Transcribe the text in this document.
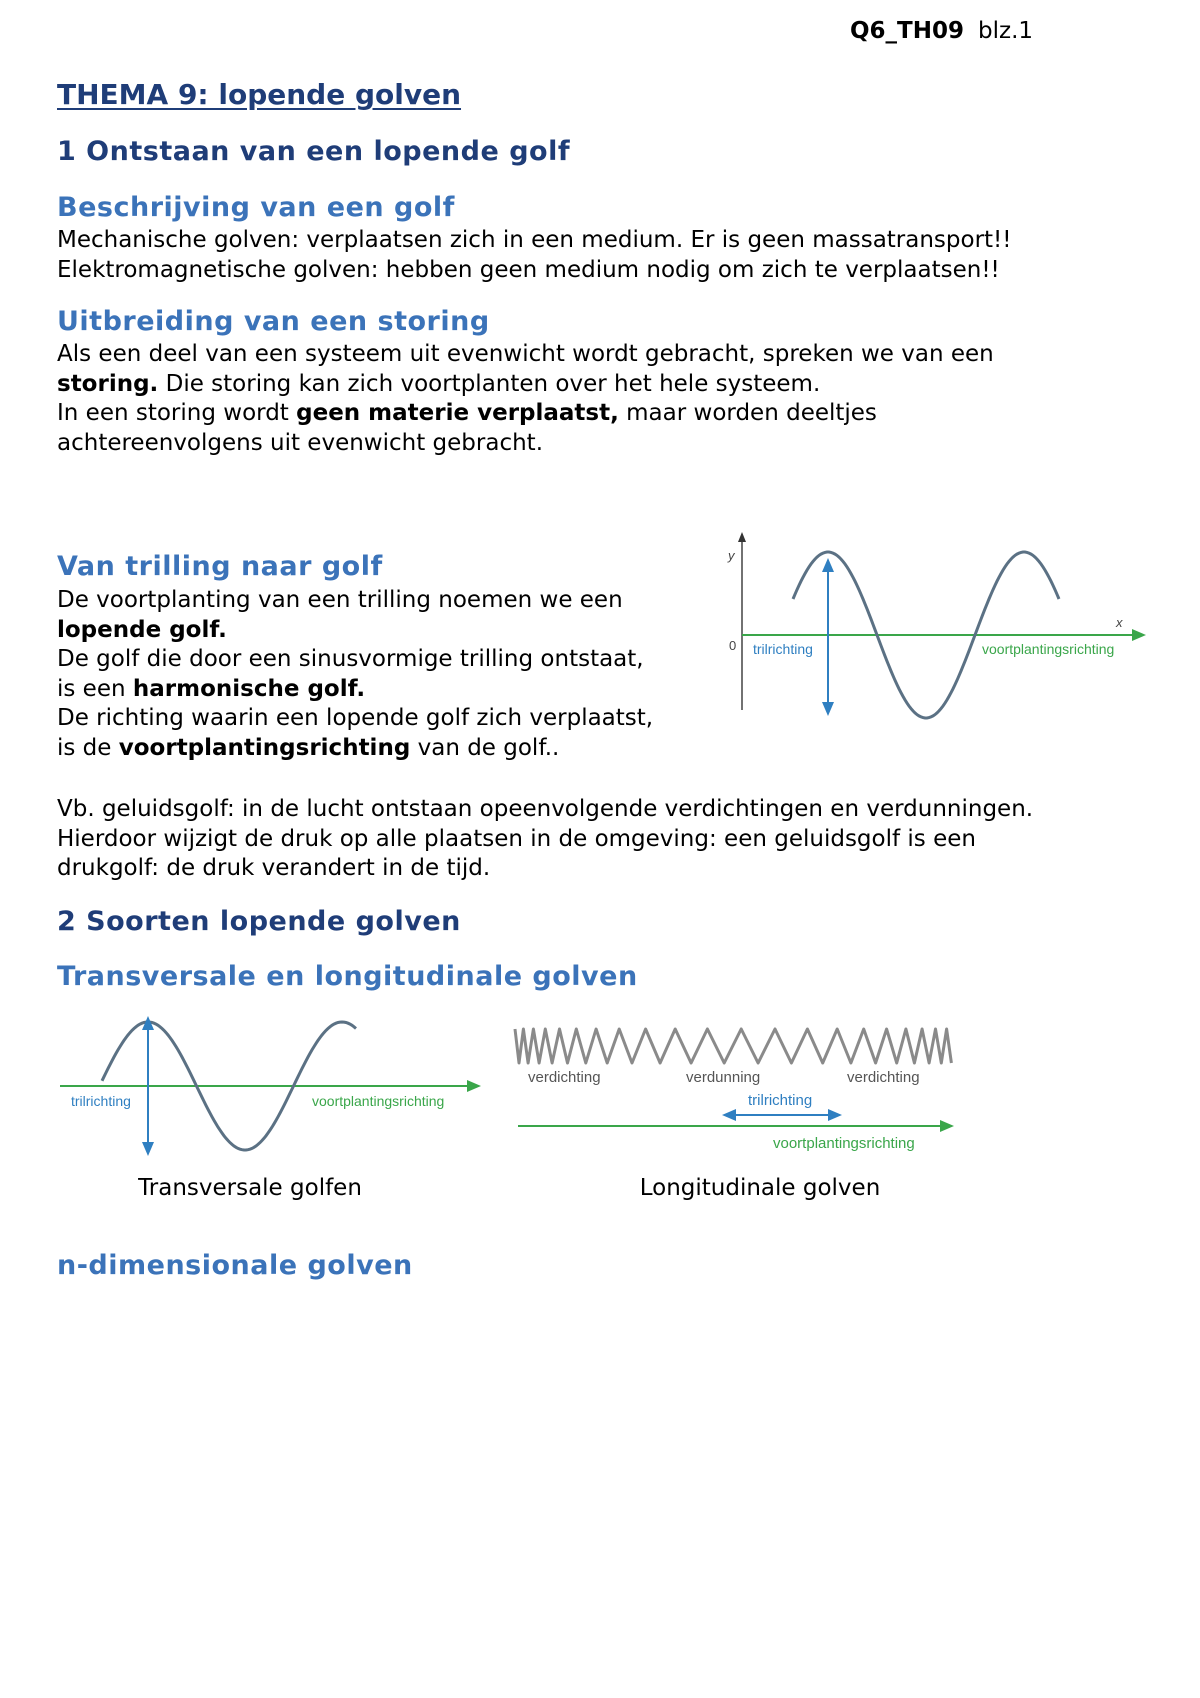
Q6_TH09 blz.1
THEMA 9: lopende golven
1 Ontstaan van een lopende golf
Beschrijving van een golf
Mechanische golven: verplaatsen zich in een medium. Er is geen massatransport!!
Elektromagnetische golven: hebben geen medium nodig om zich te verplaatsen!!
Uitbreiding van een storing
Als een deel van een systeem uit evenwicht wordt gebracht, spreken we van een
storing. Die storing kan zich voortplanten over het hele systeem.
In een storing wordt geen materie verplaatst, maar worden deeltjes
achtereenvolgens uit evenwicht gebracht.
Van trilling naar golf
De voortplanting van een trilling noemen we een
lopende golf.
De golf die door een sinusvormige trilling ontstaat,
is een harmonische golf.
De richting waarin een lopende golf zich verplaatst,
is de voortplantingsrichting van de golf..
y
0
x
trilrichting	voortplantingsrichting
Vb. geluidsgolf: in de lucht ontstaan opeenvolgende verdichtingen en verdunningen.
Hierdoor wijzigt de druk op alle plaatsen in de omgeving: een geluidsgolf is een
drukgolf: de druk verandert in de tijd.
2 Soorten lopende golven
Transversale en longitudinale golven
trilrichting	voortplantingsrichting
Transversale golfen
verdichting	verdunning	verdichting
trilrichting
voortplantingsrichting
Longitudinale golven
n-dimensionale golven
